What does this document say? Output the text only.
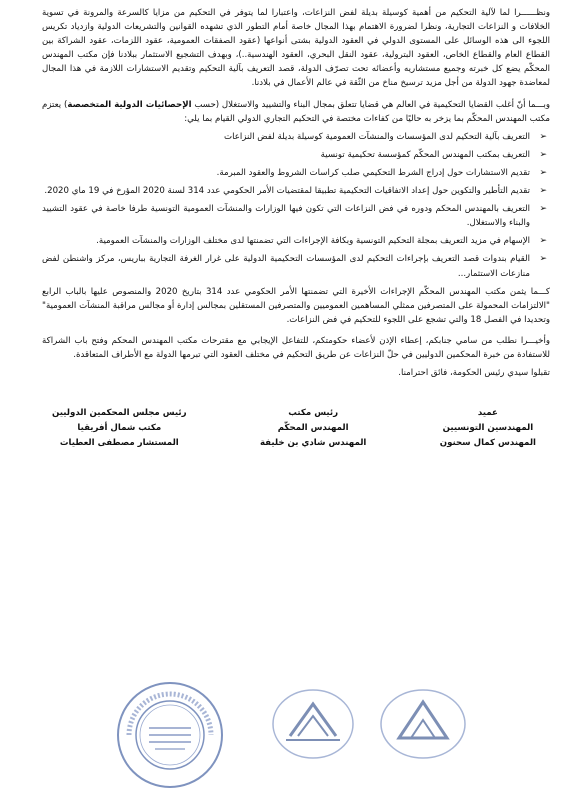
ونظــــــرا لما لآلية التحكيم من أهمية كوسيلة بديلة لفض النزاعات، واعتبارا لما يتوفر في التحكيم من مزايا كالسرعة والمرونة في تسوية الخلافات و النزاعات التجارية، ونظرا لضرورة الاهتمام بهذا المجال خاصة أمام التطور الذي تشهده القوانين والتشريعات الدولية وازدياد تكريس اللجوء الى هذه الوسائل على المستوى الدولي في العقود الدولية بشتى أنواعها (عقود الصفقات العمومية، عقود اللزمات، عقود الشراكة بين القطاع العام والقطاع الخاص، العقود البترولية، عقود النقل البحري، العقود الهندسية..)، وبهدف التشجيع الاستثمار ببلادنا فإن مكتب المهندس المحكّم يضع كل خبرته وجميع مستشاريه وأعضائه تحت تصرّف الدولة، قصد التعريف بآلية التحكيم وتقديم الاستشارات اللازمة في هذا المجال لمعاضدة جهود الدولة من أجل مزيد ترسيخ مناخ من الثّقة في عالم الأعمال في بلادنا.

وبـــما أنّ أغلب القضايا التحكيمية في العالم هي قضايا تتعلق بمجال البناء والتشييد والاستغلال (حسب الإحصائيات الدولية المتخصصة) يعتزم مكتب المهندس المحكّم بما يزخر به حاليًا من كفاءات مختصة في التحكيم التجاري الدولي القيام بما يلي:

➢ التعريف بآلية التحكيم لدى المؤسسات والمنشآت العمومية كوسيلة بديلة لفض النزاعات
➢ التعريف بمكتب المهندس المحكّم كمؤسسة تحكيمية تونسية
➢ تقديم الاستشارات حول إدراج الشرط التحكيمي صلب كراسات الشروط والعقود المبرمة.
➢ تقديم التأطير والتكوين حول إعداد الاتفاقيات التحكيمية تطبيقا لمقتضيات الأمر الحكومي عدد 314 لسنة 2020 المؤرخ في 19 ماي 2020.
➢ التعريف بالمهندس المحكم ودوره في فض النزاعات التي تكون فيها الوزارات والمنشآت العمومية التونسية طرفا خاصة في عقود التشييد والبناء والاستغلال.
➢ الإسهام في مزيد التعريف بمجلة التحكيم التونسية وبكافة الإجراءات التي تضمنتها لدى مختلف الوزارات والمنشآت العمومية.
➢ القيام بندوات قصد التعريف بإجراءات التحكيم لدى المؤسسات التحكيمية الدولية على غرار الغرفة التجارية بباريس، مركز واشنطن لفض منازعات الاستثمار...

كـــما يثمن مكتب المهندس المحكّم الإجراءات الأخيرة التي تضمنتها الأمر الحكومي عدد 314 بتاريخ 2020 والمنصوص عليها بالباب الرابع "الالتزامات المحمولة على المتصرفين ممثلي المساهمين العموميين والمتصرفين المستقلين بمجالس إدارة أو مجالس مراقبة المنشآت العمومية" وتحديدا في الفصل 18 والتي تشجع على اللجوء للتحكيم في فض النزاعات.

وأخيـــرا نطلب من سامي جنابكم، إعطاء الإذن لأعضاء حكومتكم، للتفاعل الإيجابي مع مقترحات مكتب المهندس المحكم وفتح باب الشراكة للاستفادة من خبرة المحكمين الدوليين في حلّ النزاعات عن طريق التحكيم في مختلف العقود التي تبرمها الدولة مع الأطراف المتعاقدة.

تقبلوا سيدي رئيس الحكومة، فائق احترامنا.

عميد
المهندسين التونسيين
المهندس كمال سحنون
رئيس مكتب
المهندس المحكّم
المهندس شادي بن خليفة
رئيس مجلس المحكمين الدوليين
مكتب شمال أفريقيا
المستشار مصطفى العطيات
